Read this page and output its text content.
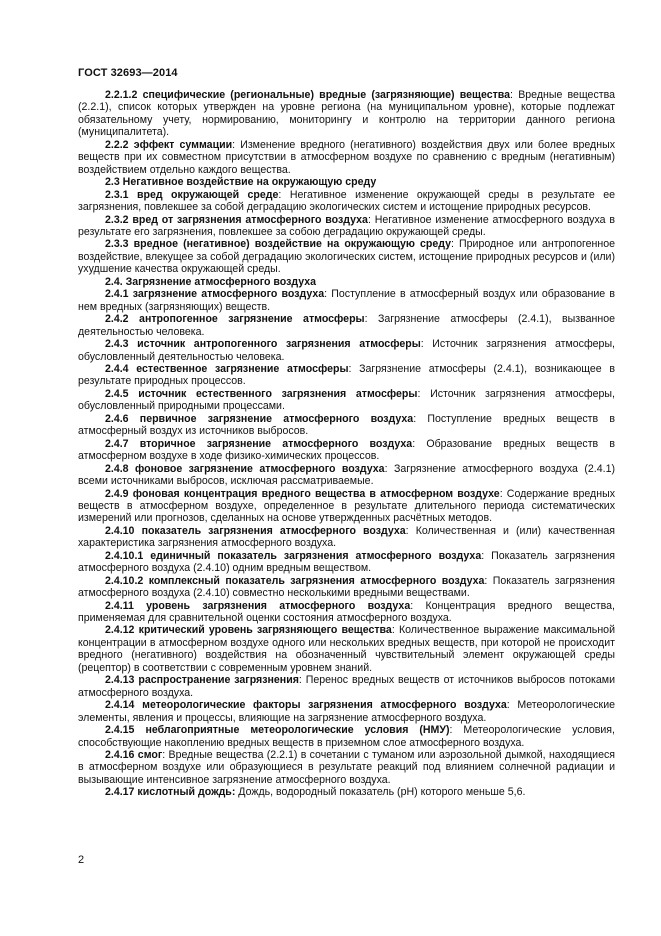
ГОСТ 32693—2014

2.2.1.2 специфические (региональные) вредные (загрязняющие) вещества: Вредные вещества (2.2.1), список которых утвержден на уровне региона (на муниципальном уровне), которые подлежат обязательному учету, нормированию, мониторингу и контролю на территории данного региона (муниципалитета).

2.2.2 эффект суммации: Изменение вредного (негативного) воздействия двух или более вредных веществ при их совместном присутствии в атмосферном воздухе по сравнению с вредным (негативным) воздействием отдельно каждого вещества.

2.3 Негативное воздействие на окружающую среду

2.3.1 вред окружающей среде: Негативное изменение окружающей среды в результате ее загрязнения, повлекшее за собой деградацию экологических систем и истощение природных ресурсов.

2.3.2 вред от загрязнения атмосферного воздуха: Негативное изменение атмосферного воздуха в результате его загрязнения, повлекшее за собою деградацию окружающей среды.

2.3.3 вредное (негативное) воздействие на окружающую среду: Природное или антропогенное воздействие, влекущее за собой деградацию экологических систем, истощение природных ресурсов и (или) ухудшение качества окружающей среды.

2.4. Загрязнение атмосферного воздуха

2.4.1 загрязнение атмосферного воздуха: Поступление в атмосферный воздух или образование в нем вредных (загрязняющих) веществ.

2.4.2 антропогенное загрязнение атмосферы: Загрязнение атмосферы (2.4.1), вызванное деятельностью человека.

2.4.3 источник антропогенного загрязнения атмосферы: Источник загрязнения атмосферы, обусловленный деятельностью человека.

2.4.4 естественное загрязнение атмосферы: Загрязнение атмосферы (2.4.1), возникающее в результате природных процессов.

2.4.5 источник естественного загрязнения атмосферы: Источник загрязнения атмосферы, обусловленный природными процессами.

2.4.6 первичное загрязнение атмосферного воздуха: Поступление вредных веществ в атмосферный воздух из источников выбросов.

2.4.7 вторичное загрязнение атмосферного воздуха: Образование вредных веществ в атмосферном воздухе в ходе физико-химических процессов.

2.4.8 фоновое загрязнение атмосферного воздуха: Загрязнение атмосферного воздуха (2.4.1) всеми источниками выбросов, исключая рассматриваемые.

2.4.9 фоновая концентрация вредного вещества в атмосферном воздухе: Содержание вредных веществ в атмосферном воздухе, определенное в результате длительного периода систематических измерений или прогнозов, сделанных на основе утвержденных расчётных методов.

2.4.10 показатель загрязнения атмосферного воздуха: Количественная и (или) качественная характеристика загрязнения атмосферного воздуха.

2.4.10.1 единичный показатель загрязнения атмосферного воздуха: Показатель загрязнения атмосферного воздуха (2.4.10) одним вредным веществом.

2.4.10.2 комплексный показатель загрязнения атмосферного воздуха: Показатель загрязнения атмосферного воздуха (2.4.10) совместно несколькими вредными веществами.

2.4.11 уровень загрязнения атмосферного воздуха: Концентрация вредного вещества, применяемая для сравнительной оценки состояния атмосферного воздуха.

2.4.12 критический уровень загрязняющего вещества: Количественное выражение максимальной концентрации в атмосферном воздухе одного или нескольких вредных веществ, при которой не происходит вредного (негативного) воздействия на обозначенный чувствительный элемент окружающей среды (рецептор) в соответствии с современным уровнем знаний.

2.4.13 распространение загрязнения: Перенос вредных веществ от источников выбросов потоками атмосферного воздуха.

2.4.14 метеорологические факторы загрязнения атмосферного воздуха: Метеорологические элементы, явления и процессы, влияющие на загрязнение атмосферного воздуха.

2.4.15 неблагоприятные метеорологические условия (НМУ): Метеорологические условия, способствующие накоплению вредных веществ в приземном слое атмосферного воздуха.

2.4.16 смог: Вредные вещества (2.2.1) в сочетании с туманом или аэрозольной дымкой, находящиеся в атмосферном воздухе или образующиеся в результате реакций под влиянием солнечной радиации и вызывающие интенсивное загрязнение атмосферного воздуха.

2.4.17 кислотный дождь: Дождь, водородный показатель (pH) которого меньше 5,6.

2
